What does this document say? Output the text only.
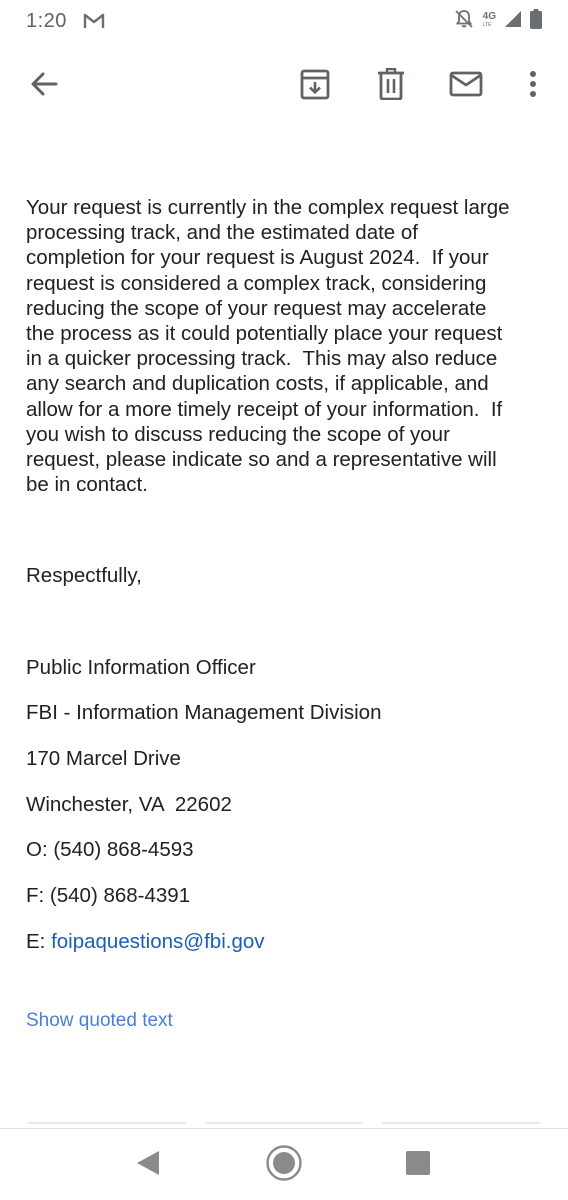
1:20	4G
LTE
Your request is currently in the complex request large
processing track, and the estimated date of
completion for your request is August 2024.  If your
request is considered a complex track, considering
reducing the scope of your request may accelerate
the process as it could potentially place your request
in a quicker processing track.  This may also reduce
any search and duplication costs, if applicable, and
allow for a more timely receipt of your information.  If
you wish to discuss reducing the scope of your
request, please indicate so and a representative will
be in contact.
Respectfully,
Public Information Officer
FBI - Information Management Division
170 Marcel Drive
Winchester, VA  22602
O: (540) 868-4593
F: (540) 868-4391
E: foipaquestions@fbi.gov
Show quoted text
